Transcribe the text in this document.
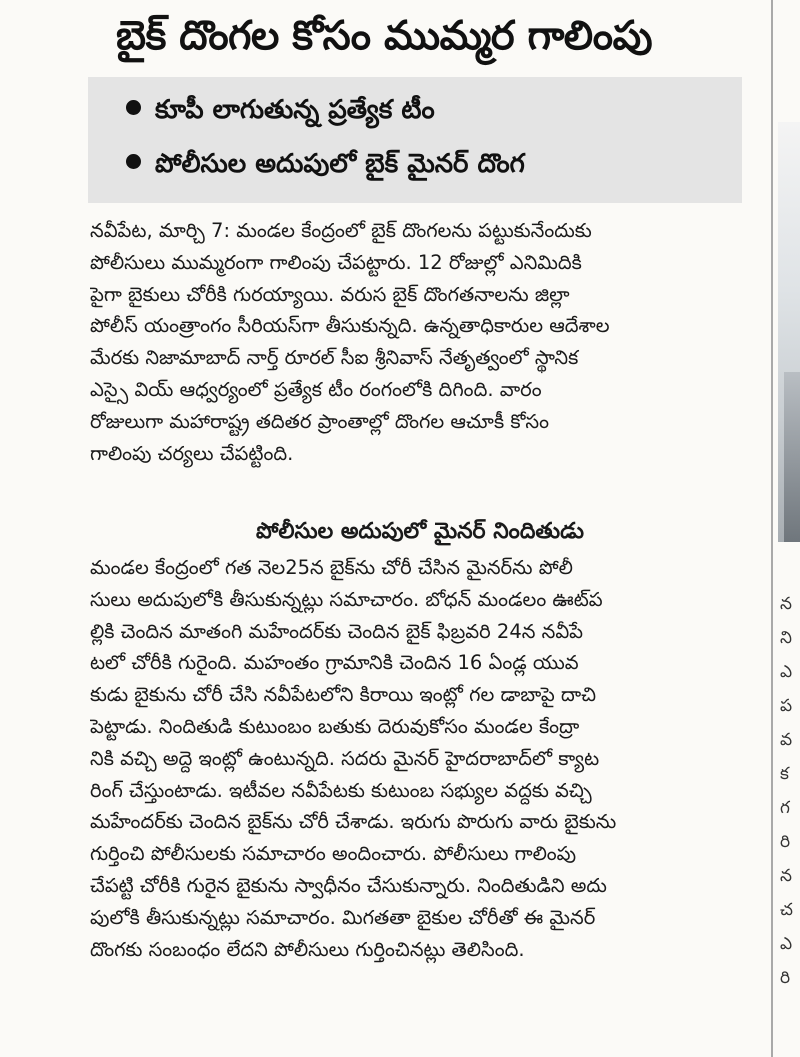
బైక్ దొంగల కోసం ముమ్మర గాలింపు
కూపీ లాగుతున్న ప్రత్యేక టీం
పోలీసుల అదుపులో బైక్ మైనర్ దొంగ

నవీపేట, మార్చి 7: మండల కేంద్రంలో బైక్ దొంగలను పట్టుకునేందుకు

పోలీసులు ముమ్మరంగా గాలింపు చేపట్టారు. 12 రోజుల్లో ఎనిమిదికి

పైగా బైకులు చోరీకి గురయ్యాయి. వరుస బైక్ దొంగతనాలను జిల్లా

పోలీస్ యంత్రాంగం సీరియస్‌గా తీసుకున్నది. ఉన్నతాధికారుల ఆదేశాల

మేరకు నిజామాబాద్ నార్త్ రూరల్ సీఐ శ్రీనివాస్ నేతృత్వంలో స్థానిక

ఎస్సై వియ్ ఆధ్వర్యంలో ప్రత్యేక టీం రంగంలోకి దిగింది. వారం

రోజులుగా మహారాష్ట్ర తదితర ప్రాంతాల్లో దొంగల ఆచూకీ కోసం

గాలింపు చర్యలు చేపట్టింది.

పోలీసుల అదుపులో మైనర్ నిందితుడు

మండల కేంద్రంలో గత నెల25న బైక్‌ను చోరీ చేసిన మైనర్‌ను పోలీ

సులు అదుపులోకి తీసుకున్నట్లు సమాచారం. బోధన్ మండలం ఊట్‌ప

ల్లికి చెందిన మాతంగి మహేందర్‌కు చెందిన బైక్ ఫిబ్రవరి 24న నవీపే

టలో చోరీకి గురైంది. మహంతం గ్రామానికి చెందిన 16 ఏండ్ల యువ

కుడు బైకును చోరీ చేసి నవీపేటలోని కిరాయి ఇంట్లో గల డాబాపై దాచి

పెట్టాడు. నిందితుడి కుటుంబం బతుకు దెరువుకోసం మండల కేంద్రా

నికి వచ్చి అద్దె ఇంట్లో ఉంటున్నది. సదరు మైనర్ హైదరాబాద్‌లో క్యాట

రింగ్ చేస్తుంటాడు. ఇటీవల నవీపేటకు కుటుంబ సభ్యుల వద్దకు వచ్చి

మహేందర్‌కు చెందిన బైక్‌ను చోరీ చేశాడు. ఇరుగు పొరుగు వారు బైకును

గుర్తించి పోలీసులకు సమాచారం అందించారు. పోలీసులు గాలింపు

చేపట్టి చోరీకి గురైన బైకును స్వాధీనం చేసుకున్నారు. నిందితుడిని అదు

పులోకి తీసుకున్నట్లు సమాచారం. మిగతతా బైకుల చోరీతో ఈ మైనర్

దొంగకు సంబంధం లేదని పోలీసులు గుర్తించినట్లు తెలిసింది.

న
ని
ఎ
ప
వ
క
గ
రి
న
చ
ఎ
రి
